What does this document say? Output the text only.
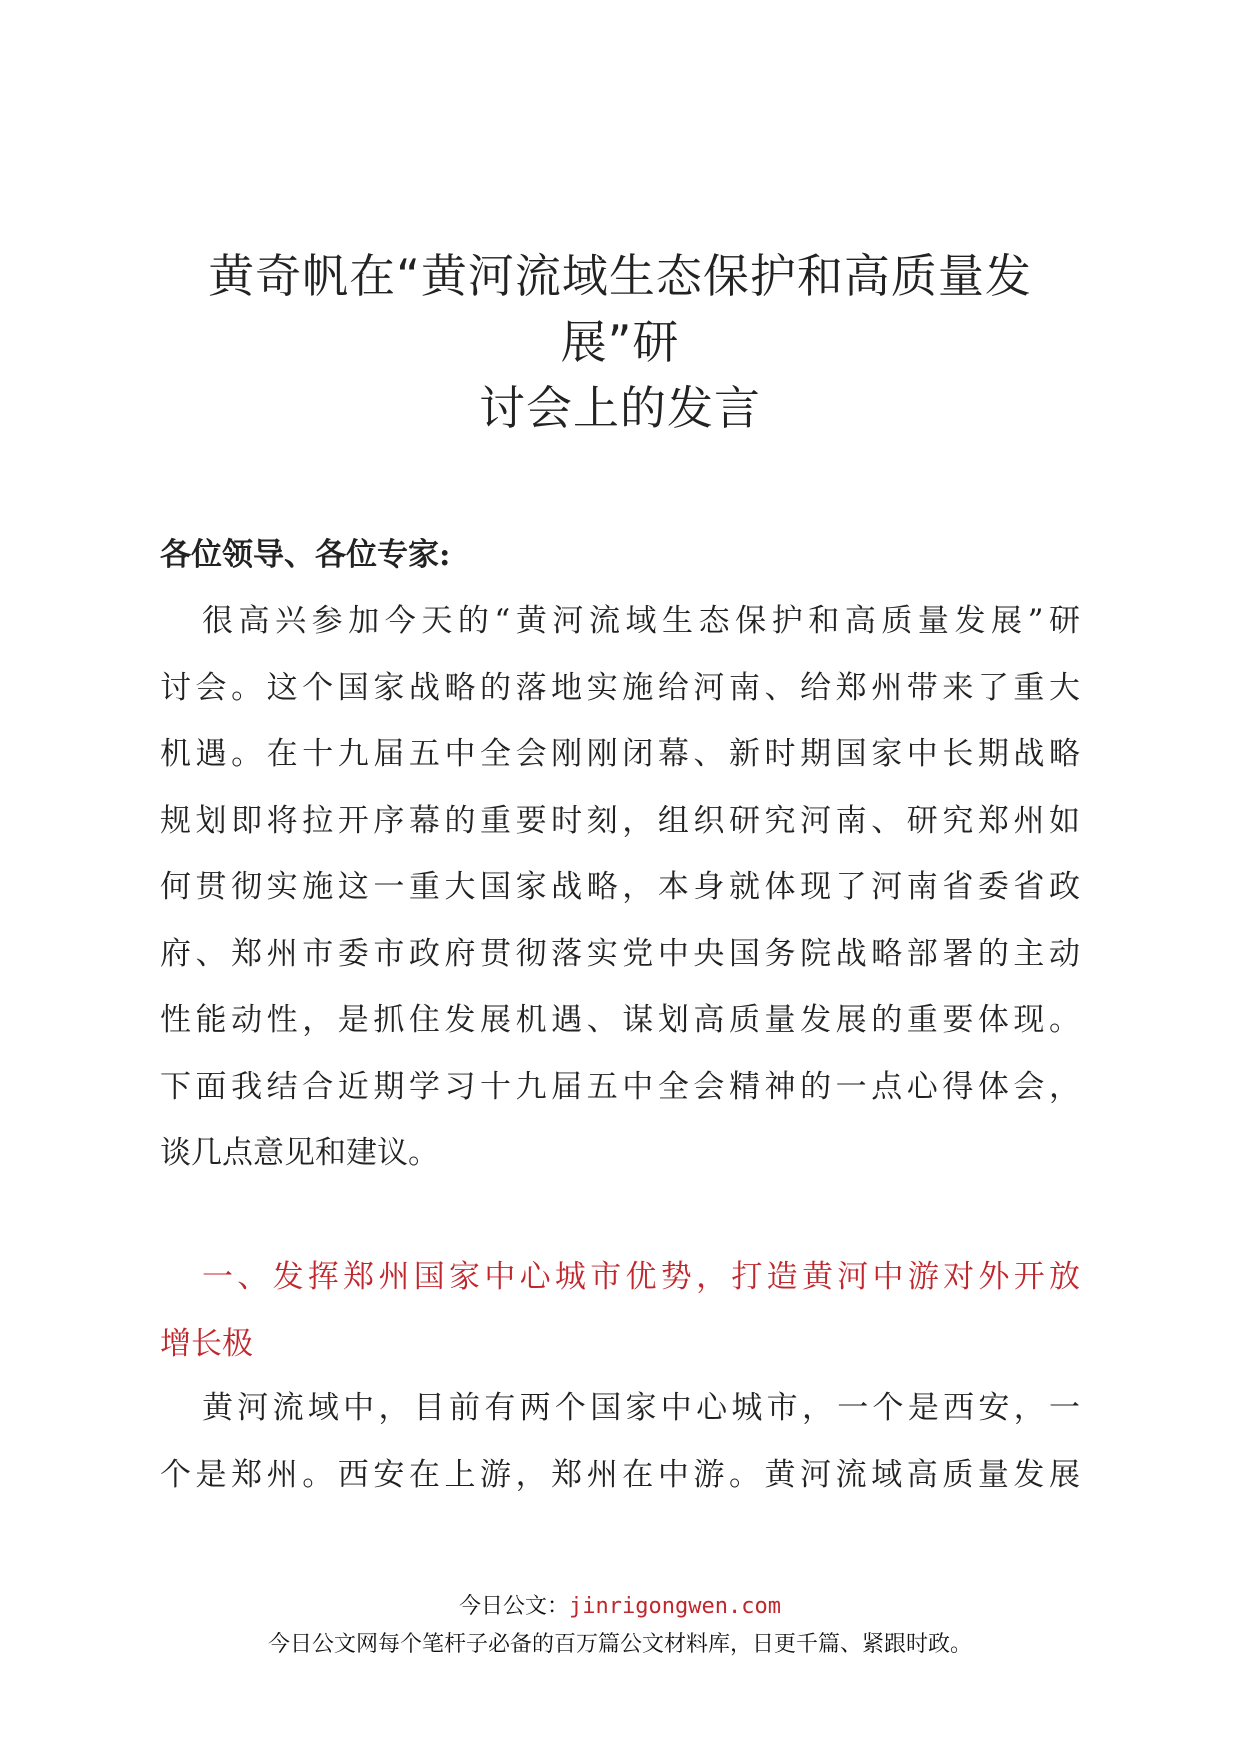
黄奇帆在“黄河流域生态保护和高质量发展”研
讨会上的发言
各位领导、各位专家:
很高兴参加今天的“黄河流域生态保护和高质量发展”研
讨会。这个国家战略的落地实施给河南、给郑州带来了重大
机遇。在十九届五中全会刚刚闭幕、新时期国家中长期战略
规划即将拉开序幕的重要时刻，组织研究河南、研究郑州如
何贯彻实施这一重大国家战略，本身就体现了河南省委省政
府、郑州市委市政府贯彻落实党中央国务院战略部署的主动
性能动性，是抓住发展机遇、谋划高质量发展的重要体现。
下面我结合近期学习十九届五中全会精神的一点心得体会，
谈几点意见和建议。
一、发挥郑州国家中心城市优势，打造黄河中游对外开放
增长极
黄河流域中，目前有两个国家中心城市，一个是西安，一
个是郑州。西安在上游，郑州在中游。黄河流域高质量发展
今日公文：jinrigongwen.com
今日公文网每个笔杆子必备的百万篇公文材料库，日更千篇、紧跟时政。
